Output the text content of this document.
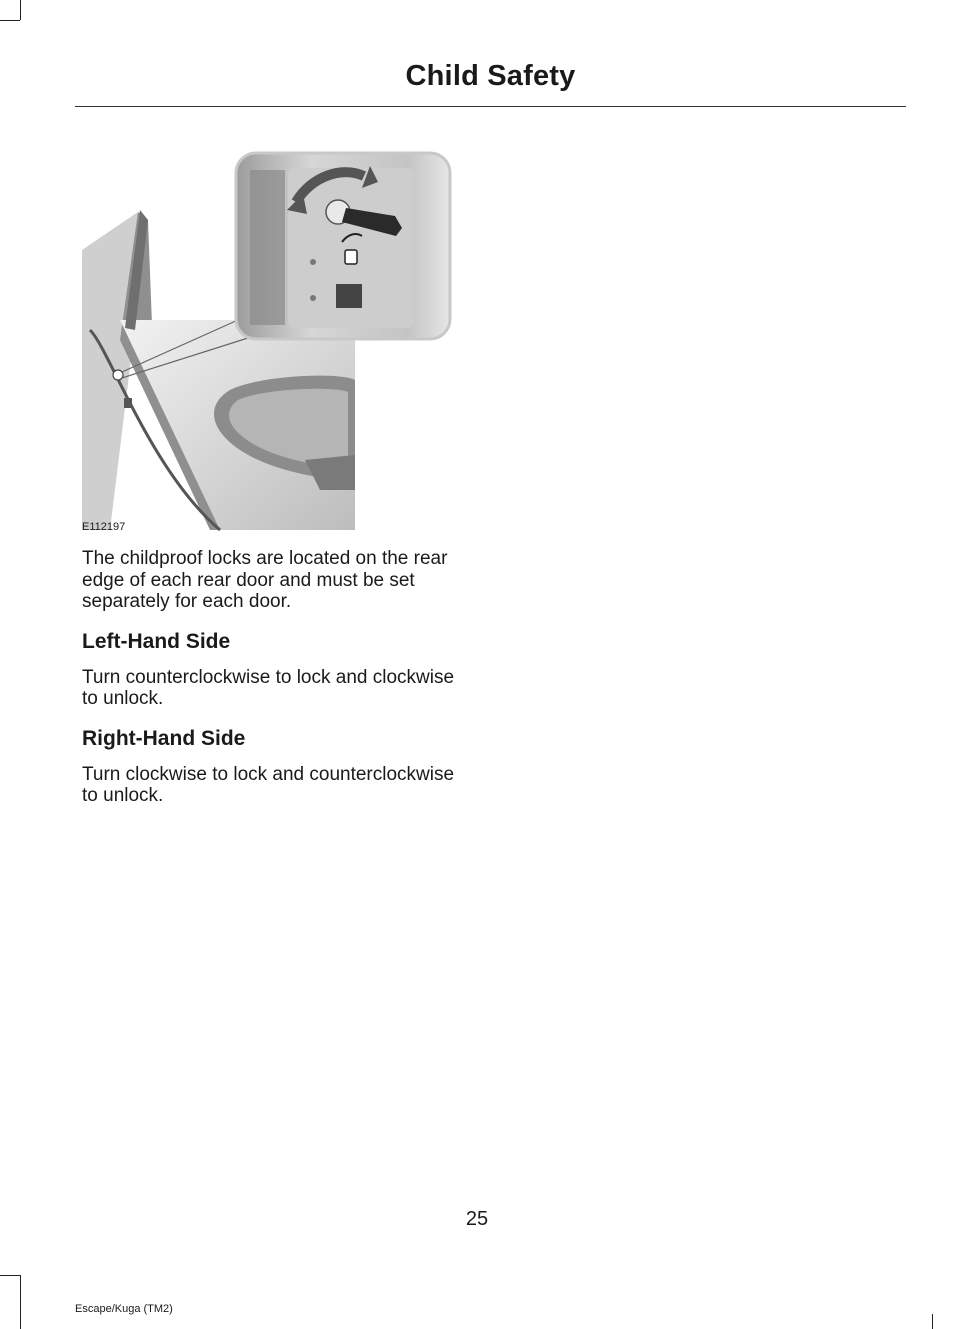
Child Safety
E112197

The childproof locks are located on the rear edge of each rear door and must be set separately for each door.

Left-Hand Side

Turn counterclockwise to lock and clockwise to unlock.

Right-Hand Side

Turn clockwise to lock and counterclockwise to unlock.

25
Escape/Kuga (TM2)
